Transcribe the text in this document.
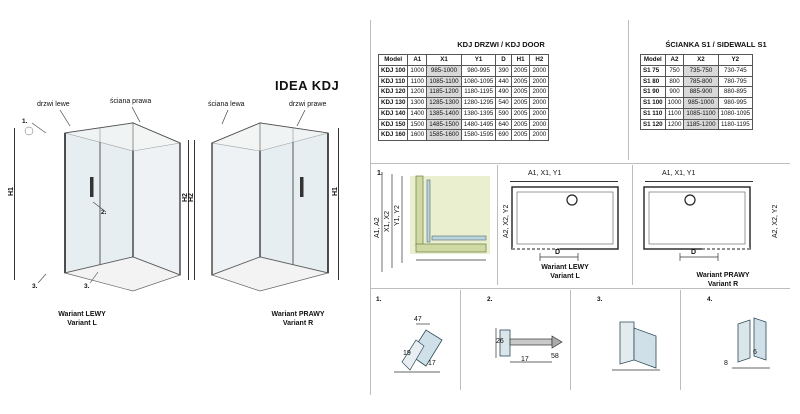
IDEA KDJ
drzwi lewe	ściana prawa	ściana lewa	drzwi prawe
H1
H2
1.
2.
3.	3.
H2
H1
Wariant LEWY
Variant L
Wariant PRAWY
Variant R
KDJ DRZWI / KDJ DOOR
Model	A1	X1	Y1	D	H1	H2
KDJ 100	1000	985-1000	980-995	390	2005	2000
KDJ 110	1100	1085-1100	1080-1095	440	2005	2000
KDJ 120	1200	1185-1200	1180-1195	490	2005	2000
KDJ 130	1300	1285-1300	1280-1295	540	2005	2000
KDJ 140	1400	1385-1400	1380-1395	590	2005	2000
KDJ 150	1500	1485-1500	1480-1495	640	2005	2000
KDJ 160	1600	1585-1600	1580-1595	690	2005	2000
ŚCIANKA S1 / SIDEWALL S1
Model	A2	X2	Y2
S1 75	750	735-750	730-745
S1 80	800	785-800	780-795
S1 90	900	885-900	880-895
S1 100	1000	985-1000	980-995
S1 110	1100	1085-1100	1080-1095
S1 120	1200	1185-1200	1180-1195
1.
A1, A2 X1, X2 Y1, Y2
A1, X1, Y1
D
A2, X2, Y2
Wariant LEWY
Variant L
A1, X1, Y1
D
A2, X2, Y2
Wariant PRAWY
Variant R
1.
47
19
17
2.
26
17	58
3.	4.
6
8
